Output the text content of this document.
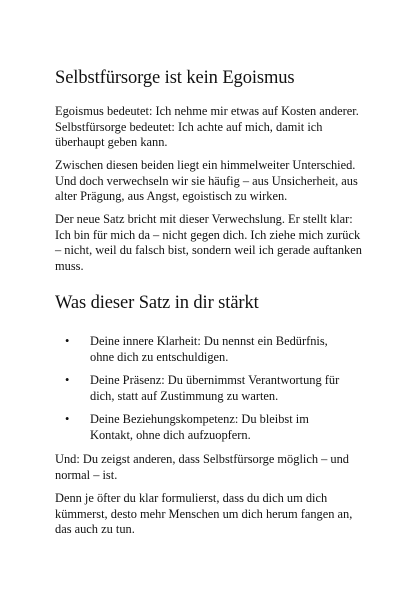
Selbstfürsorge ist kein Egoismus

Egoismus bedeutet: Ich nehme mir etwas auf Kosten anderer. Selbstfürsorge bedeutet: Ich achte auf mich, damit ich überhaupt geben kann.

Zwischen diesen beiden liegt ein himmelweiter Unterschied. Und doch verwechseln wir sie häufig – aus Unsicherheit, aus alter Prägung, aus Angst, egoistisch zu wirken.

Der neue Satz bricht mit dieser Verwechslung. Er stellt klar: Ich bin für mich da – nicht gegen dich. Ich ziehe mich zurück – nicht, weil du falsch bist, sondern weil ich gerade auftanken muss.

Was dieser Satz in dir stärkt
• Deine innere Klarheit: Du nennst ein Bedürfnis, ohne dich zu entschuldigen.
• Deine Präsenz: Du übernimmst Verantwortung für dich, statt auf Zustimmung zu warten.
• Deine Beziehungskompetenz: Du bleibst im Kontakt, ohne dich aufzuopfern.

Und: Du zeigst anderen, dass Selbstfürsorge möglich – und normal – ist.

Denn je öfter du klar formulierst, dass du dich um dich kümmerst, desto mehr Menschen um dich herum fangen an, das auch zu tun.
